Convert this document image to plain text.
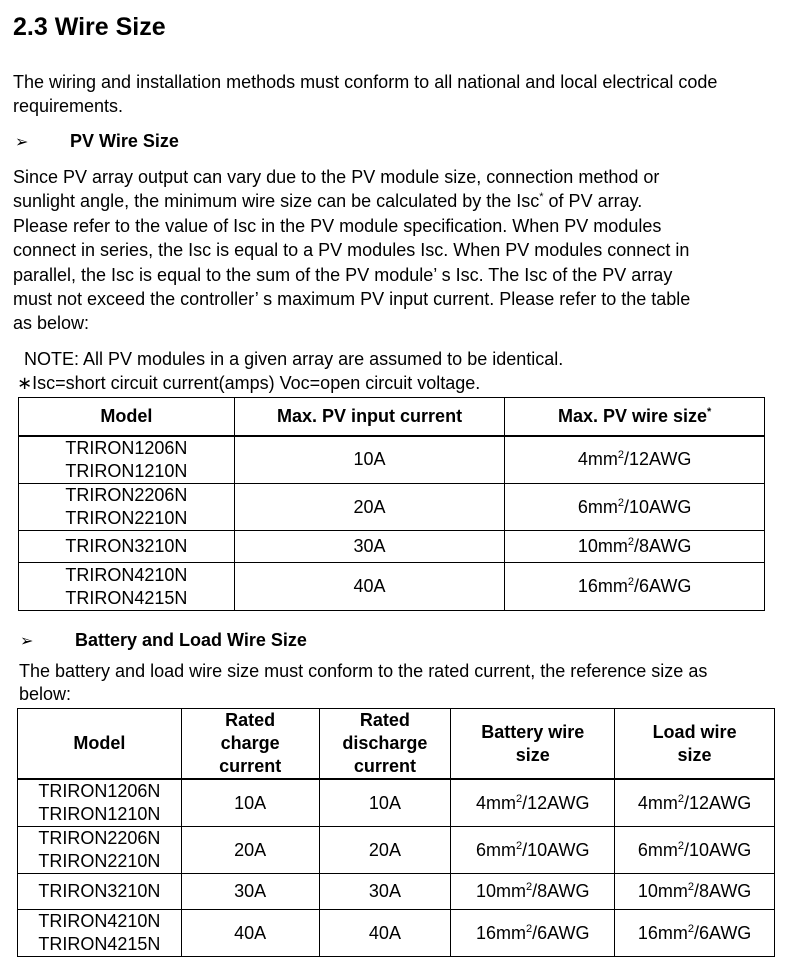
2.3 Wire Size

The wiring and installation methods must conform to all national and local electrical code requirements.

➢ PV Wire Size
Since PV array output can vary due to the PV module size, connection method or
sunlight angle, the minimum wire size can be calculated by the Isc* of PV array.
Please refer to the value of Isc in the PV module specification. When PV modules
connect in series, the Isc is equal to a PV modules Isc. When PV modules connect in
parallel, the Isc is equal to the sum of the PV module’ s Isc. The Isc of the PV array
must not exceed the controller’ s maximum PV input current. Please refer to the table
as below:
NOTE: All PV modules in a given array are assumed to be identical.
∗Isc=short circuit current(amps) Voc=open circuit voltage.
Model	Max. PV input current	Max. PV wire size*

TRIRON1206N
TRIRON1210N	10A	$4mm^2/12AWG$

TRIRON2206N
TRIRON2210N	20A	$6mm^2/10AWG$
TRIRON3210N	30A	$10mm^2/8AWG$

TRIRON4210N
TRIRON4215N	40A	$16mm^2/6AWG$
➢ Battery and Load Wire Size

The battery and load wire size must conform to the rated current, the reference size as below:

Model	Rated
charge
current	Rated
discharge
current	Battery wire
size	Load wire
size

TRIRON1206N
TRIRON1210N	10A	10A	$4mm^2/12AWG$	$4mm^2/12AWG$

TRIRON2206N
TRIRON2210N	20A	20A	$6mm^2/10AWG$	$6mm^2/10AWG$
TRIRON3210N	30A	30A	$10mm^2/8AWG$	$10mm^2/8AWG$

TRIRON4210N
TRIRON4215N	40A	40A	$16mm^2/6AWG$	$16mm^2/6AWG$
